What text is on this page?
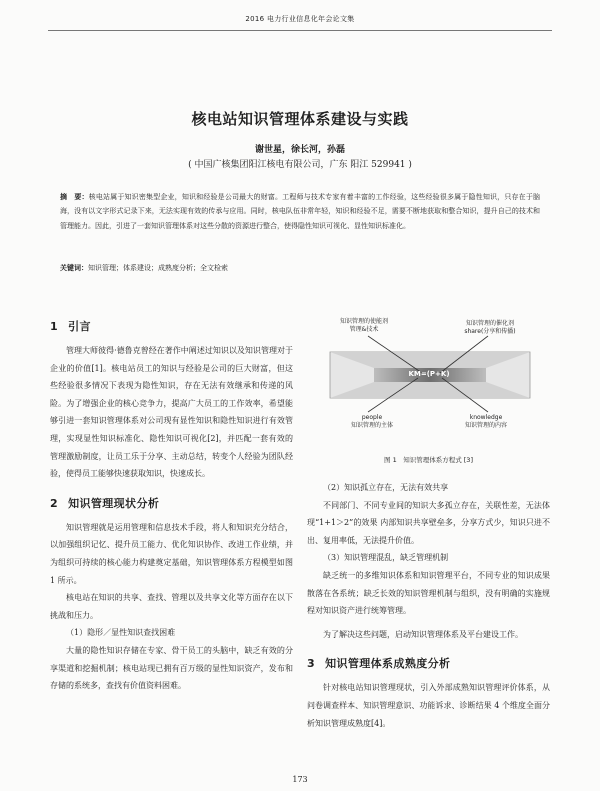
2016 电力行业信息化年会论文集
核电站知识管理体系建设与实践
谢世星，徐长河，孙磊
( 中国广核集团阳江核电有限公司，广东 阳江 529941 )
摘　要：核电站属于知识密集型企业，知识和经验是公司最大的财富。工程师与技术专家有着丰富的工作经验，这些经验很多属于隐性知识，只存在于脑海，没有以文字形式记录下来，无法实现有效的传承与应用。同时，核电队伍非常年轻，知识和经验不足，需要不断地获取和整合知识，提升自己的技术和管理能力。因此，引进了一套知识管理体系对这些分散的资源进行整合，使得隐性知识可视化、显性知识标准化。
关键词：知识管理；体系建设；成熟度分析；全文检索
1 引言

管理大师彼得·德鲁克曾经在著作中阐述过知识以及知识管理对于企业的价值[1]。核电站员工的知识与经验是公司的巨大财富，但这些经验很多情况下表现为隐性知识，存在无法有效继承和传递的风险。为了增强企业的核心竞争力，提高广大员工的工作效率，希望能够引进一套知识管理体系对公司现有显性知识和隐性知识进行有效管理，实现显性知识标准化、隐性知识可视化[2]，并匹配一套有效的管理激励制度，让员工乐于分享、主动总结，转变个人经验为团队经验，使得员工能够快速获取知识，快速成长。

2 知识管理现状分析

知识管理就是运用管理和信息技术手段，将人和知识充分结合，以加强组织记忆、提升员工能力、优化知识协作、改进工作业绩，并为组织可持续的核心能力构建奠定基础，知识管理体系方程模型如图 1 所示。

核电站在知识的共享、查找、管理以及共享文化等方面存在以下挑战和压力。

（1）隐形／显性知识查找困难

大量的隐性知识存储在专家、骨干员工的头脑中，缺乏有效的分享渠道和挖掘机制；核电站现已拥有百万级的显性知识资产，发布和存储的系统多，查找有价值资料困难。

知识管理的使能剂
管理&技术
知识管理的催化剂
share(分享和传播)
KM=(P+K)
people
知识管理的主体
knowledge
知识管理的内容
图 1　知识管理体系方程式 [3]

（2）知识孤立存在，无法有效共享

不同部门、不同专业间的知识大多孤立存在，关联性差，无法体现“1+1＞2”的效果 内部知识共享壁垒多，分享方式少，知识只进不出、复用率低，无法提升价值。

（3）知识管理混乱，缺乏管理机制

缺乏统一的多维知识体系和知识管理平台，不同专业的知识成果散落在各系统；缺乏长效的知识管理机制与组织，没有明确的实施规程对知识资产进行统筹管理。

为了解决这些问题，启动知识管理体系及平台建设工作。

3 知识管理体系成熟度分析

针对核电站知识管理现状，引入外部成熟知识管理评价体系，从问卷调查样本、知识管理意识、功能诉求、诊断结果 4 个维度全面分析知识管理成熟度[4]。

173
